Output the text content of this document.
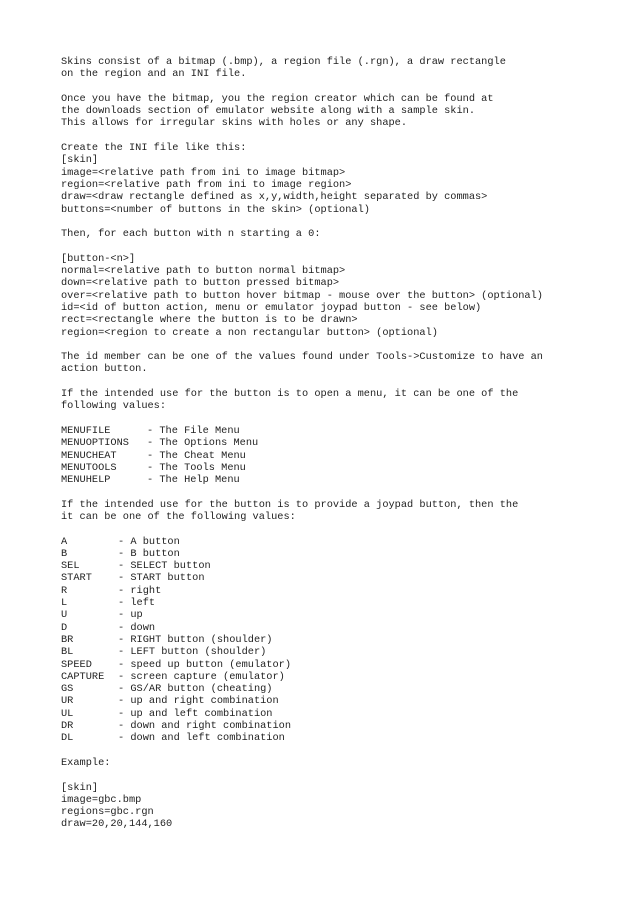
Skins consist of a bitmap (.bmp), a region file (.rgn), a draw rectangle
on the region and an INI file.
Once you have the bitmap, you the region creator which can be found at
the downloads section of emulator website along with a sample skin.
This allows for irregular skins with holes or any shape.
Create the INI file like this:
[skin]
image=<relative path from ini to image bitmap>
region=<relative path from ini to image region>
draw=<draw rectangle defined as x,y,width,height separated by commas>
buttons=<number of buttons in the skin> (optional)
Then, for each button with n starting a 0:
[button-<n>]
normal=<relative path to button normal bitmap>
down=<relative path to button pressed bitmap>
over=<relative path to button hover bitmap - mouse over the button> (optional)
id=<id of button action, menu or emulator joypad button - see below)
rect=<rectangle where the button is to be drawn>
region=<region to create a non rectangular button> (optional)
The id member can be one of the values found under Tools->Customize to have an
action button.
If the intended use for the button is to open a menu, it can be one of the
following values:
MENUFILE	- The File Menu
MENUOPTIONS - The Options Menu
MENUCHEAT	- The Cheat Menu
MENUTOOLS	- The Tools Menu
MENUHELP	- The Help Menu
If the intended use for the button is to provide a joypad button, then the
it can be one of the following values:
A	- A button
B	- B button
SEL	- SELECT button
START	- START button
R	- right
L	- left
U	- up
D	- down
BR	- RIGHT button (shoulder)
BL	- LEFT button (shoulder)
SPEED	- speed up button (emulator)
CAPTURE - screen capture (emulator)
GS	- GS/AR button (cheating)
UR	- up and right combination
UL	- up and left combination
DR	- down and right combination
DL	- down and left combination
Example:
[skin]
image=gbc.bmp
regions=gbc.rgn
draw=20,20,144,160
